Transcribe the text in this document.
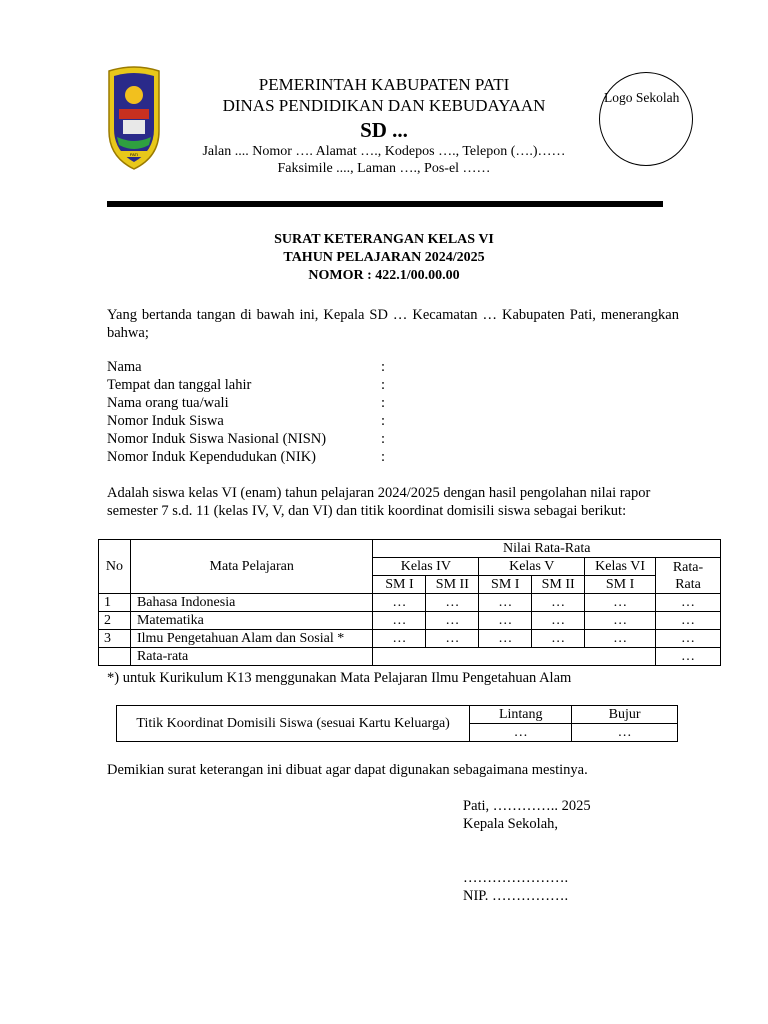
PATI
PEMERINTAH KABUPATEN PATI
DINAS PENDIDIKAN DAN KEBUDAYAAN
SD ...
Jalan .... Nomor …. Alamat …., Kodepos …., Telepon (….)……
Faksimile ...., Laman …., Pos-el ……
Logo Sekolah
SURAT KETERANGAN KELAS VI
TAHUN PELAJARAN 2024/2025
NOMOR : 422.1/00.00.00
Yang bertanda tangan di bawah ini, Kepala SD … Kecamatan … Kabupaten Pati, menerangkan bahwa;
Nama	:
Tempat dan tanggal lahir	:
Nama orang tua/wali	:
Nomor Induk Siswa	:
Nomor Induk Siswa Nasional (NISN)	:
Nomor Induk Kependudukan (NIK)	:
Adalah siswa kelas VI (enam) tahun pelajaran 2024/2025 dengan hasil pengolahan nilai rapor semester 7 s.d. 11 (kelas IV, V, dan VI) dan titik koordinat domisili siswa sebagai berikut:
No	Mata Pelajaran	Nilai Rata-Rata					
		Kelas IV		Kelas V		Kelas VI	Rata-
Rata
		SM I	SM II	SM I	SM II	SM I	
1	Bahasa Indonesia	…	…	…	…	…	…
2	Matematika	…	…	…	…	…	…
3	Ilmu Pengetahuan Alam dan Sosial *	…	…	…	…	…	…
	Rata-rata						…
*) untuk Kurikulum K13 menggunakan Mata Pelajaran Ilmu Pengetahuan Alam
Titik Koordinat Domisili Siswa (sesuai Kartu Keluarga)	Lintang	Bujur
	…	…
Demikian surat keterangan ini dibuat agar dapat digunakan sebagaimana mestinya.
Pati, ………….. 2025
Kepala Sekolah,
………………….
NIP. …………….
